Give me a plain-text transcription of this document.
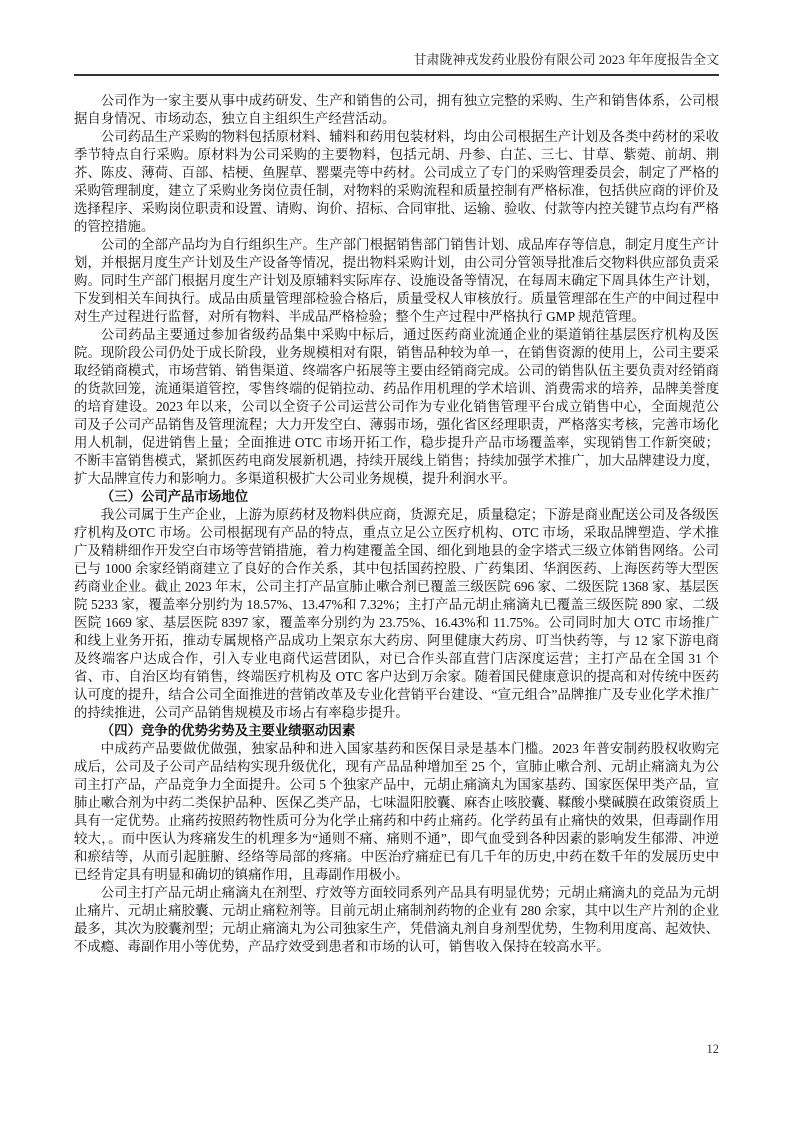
甘肃陇神戎发药业股份有限公司 2023 年年度报告全文

公司作为一家主要从事中成药研发、生产和销售的公司，拥有独立完整的采购、生产和销售体系，公司根据自身情况、市场动态，独立自主组织生产经营活动。

公司药品生产采购的物料包括原材料、辅料和药用包装材料，均由公司根据生产计划及各类中药材的采收季节特点自行采购。原材料为公司采购的主要物料，包括元胡、丹参、白芷、三七、甘草、紫菀、前胡、荆芥、陈皮、薄荷、百部、桔梗、鱼腥草、罂粟壳等中药材。公司成立了专门的采购管理委员会，制定了严格的采购管理制度，建立了采购业务岗位责任制，对物料的采购流程和质量控制有严格标准，包括供应商的评价及选择程序、采购岗位职责和设置、请购、询价、招标、合同审批、运输、验收、付款等内控关键节点均有严格的管控措施。

公司的全部产品均为自行组织生产。生产部门根据销售部门销售计划、成品库存等信息，制定月度生产计划，并根据月度生产计划及生产设备等情况，提出物料采购计划，由公司分管领导批准后交物料供应部负责采购。同时生产部门根据月度生产计划及原辅料实际库存、设施设备等情况，在每周末确定下周具体生产计划，下发到相关车间执行。成品由质量管理部检验合格后，质量受权人审核放行。质量管理部在生产的中间过程中对生产过程进行监督，对所有物料、半成品严格检验；整个生产过程中严格执行 GMP 规范管理。

公司药品主要通过参加省级药品集中采购中标后，通过医药商业流通企业的渠道销往基层医疗机构及医院。现阶段公司仍处于成长阶段，业务规模相对有限，销售品种较为单一，在销售资源的使用上，公司主要采取经销商模式，市场营销、销售渠道、终端客户拓展等主要由经销商完成。公司的销售队伍主要负责对经销商的货款回笼，流通渠道管控，零售终端的促销拉动、药品作用机理的学术培训、消费需求的培养，品牌美誉度的培育建设。2023 年以来，公司以全资子公司运营公司作为专业化销售管理平台成立销售中心，全面规范公司及子公司产品销售及管理流程；大力开发空白、薄弱市场，强化省区经理职责，严格落实考核，完善市场化用人机制，促进销售上量；全面推进 OTC 市场开拓工作，稳步提升产品市场覆盖率，实现销售工作新突破；不断丰富销售模式，紧抓医药电商发展新机遇，持续开展线上销售；持续加强学术推广，加大品牌建设力度，扩大品牌宣传力和影响力。多渠道积极扩大公司业务规模，提升利润水平。

（三）公司产品市场地位

我公司属于生产企业，上游为原药材及物料供应商，货源充足，质量稳定；下游是商业配送公司及各级医疗机构及OTC 市场。公司根据现有产品的特点，重点立足公立医疗机构、OTC 市场，采取品牌塑造、学术推广及精耕细作开发空白市场等营销措施，着力构建覆盖全国、细化到地县的金字塔式三级立体销售网络。公司已与 1000 余家经销商建立了良好的合作关系，其中包括国药控股、广药集团、华润医药、上海医药等大型医药商业企业。截止 2023 年末，公司主打产品宣肺止嗽合剂已覆盖三级医院 696 家、二级医院 1368 家、基层医院 5233 家，覆盖率分别约为 18.57%、13.47%和 7.32%；主打产品元胡止痛滴丸已覆盖三级医院 890 家、二级医院 1669 家、基层医院 8397 家，覆盖率分别约为 23.75%、16.43%和 11.75%。公司同时加大 OTC 市场推广和线上业务开拓，推动专属规格产品成功上架京东大药房、阿里健康大药房、叮当快药等，与 12 家下游电商及终端客户达成合作，引入专业电商代运营团队，对已合作头部直营门店深度运营；主打产品在全国 31 个省、市、自治区均有销售，终端医疗机构及 OTC 客户达到万余家。随着国民健康意识的提高和对传统中医药认可度的提升，结合公司全面推进的营销改革及专业化营销平台建设、“宣元组合”品牌推广及专业化学术推广的持续推进，公司产品销售规模及市场占有率稳步提升。

（四）竞争的优势劣势及主要业绩驱动因素

中成药产品要做优做强，独家品种和进入国家基药和医保目录是基本门槛。2023 年普安制药股权收购完成后，公司及子公司产品结构实现升级优化，现有产品品种增加至 25 个，宣肺止嗽合剂、元胡止痛滴丸为公司主打产品，产品竞争力全面提升。公司 5 个独家产品中，元胡止痛滴丸为国家基药、国家医保甲类产品，宣肺止嗽合剂为中药二类保护品种、医保乙类产品，七味温阳胶囊、麻杏止咳胶囊、鞣酸小檗碱膜在政策资质上具有一定优势。止痛药按照药物性质可分为化学止痛药和中药止痛药。化学药虽有止痛快的效果，但毒副作用较大，。而中医认为疼痛发生的机理多为“通则不痛、痛则不通”，即气血受到各种因素的影响发生郁滞、冲逆和瘀结等，从而引起脏腑、经络等局部的疼痛。中医治疗痛症已有几千年的历史,中药在数千年的发展历史中已经肯定具有明显和确切的镇痛作用，且毒副作用极小。

公司主打产品元胡止痛滴丸在剂型、疗效等方面较同系列产品具有明显优势；元胡止痛滴丸的竞品为元胡止痛片、元胡止痛胶囊、元胡止痛粒剂等。目前元胡止痛制剂药物的企业有 280 余家，其中以生产片剂的企业最多，其次为胶囊剂型；元胡止痛滴丸为公司独家生产，凭借滴丸剂自身剂型优势，生物利用度高、起效快、不成瘾、毒副作用小等优势，产品疗效受到患者和市场的认可，销售收入保持在较高水平。

12
